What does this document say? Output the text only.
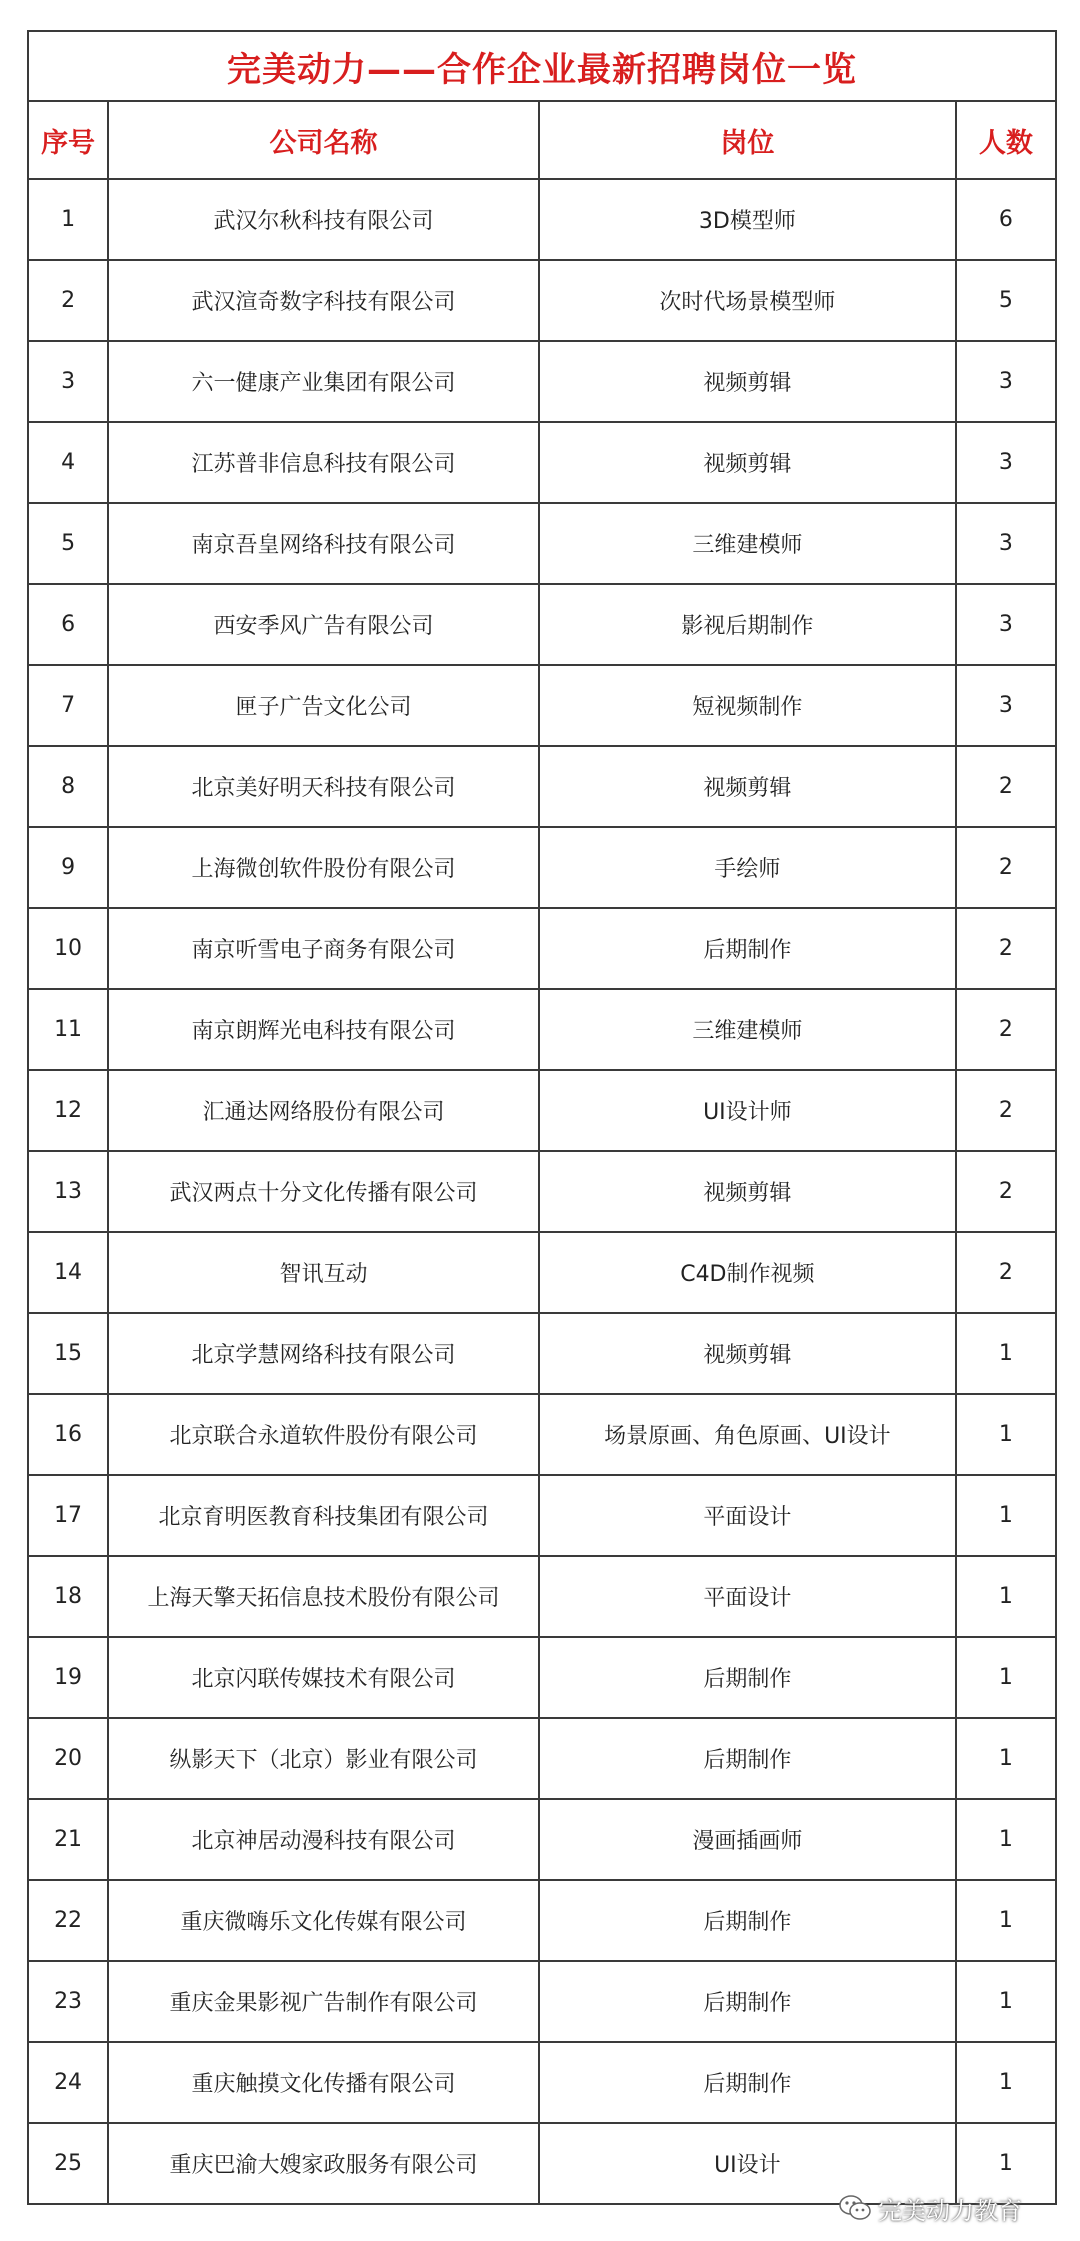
完美动力——合作企业最新招聘岗位一览			
序号	公司名称	岗位	人数
1	武汉尔秋科技有限公司	3D模型师	6
2	武汉渲奇数字科技有限公司	次时代场景模型师	5
3	六一健康产业集团有限公司	视频剪辑	3
4	江苏普非信息科技有限公司	视频剪辑	3
5	南京吾皇网络科技有限公司	三维建模师	3
6	西安季风广告有限公司	影视后期制作	3
7	匣子广告文化公司	短视频制作	3
8	北京美好明天科技有限公司	视频剪辑	2
9	上海微创软件股份有限公司	手绘师	2
10	南京听雪电子商务有限公司	后期制作	2
11	南京朗辉光电科技有限公司	三维建模师	2
12	汇通达网络股份有限公司	UI设计师	2
13	武汉两点十分文化传播有限公司	视频剪辑	2
14	智讯互动	C4D制作视频	2
15	北京学慧网络科技有限公司	视频剪辑	1
16	北京联合永道软件股份有限公司	场景原画、角色原画、UI设计	1
17	北京育明医教育科技集团有限公司	平面设计	1
18	上海天擎天拓信息技术股份有限公司	平面设计	1
19	北京闪联传媒技术有限公司	后期制作	1
20	纵影天下（北京）影业有限公司	后期制作	1
21	北京神居动漫科技有限公司	漫画插画师	1
22	重庆微嗨乐文化传媒有限公司	后期制作	1
23	重庆金果影视广告制作有限公司	后期制作	1
24	重庆触摸文化传播有限公司	后期制作	1
25	重庆巴渝大嫂家政服务有限公司	UI设计	1
完美动力教育
